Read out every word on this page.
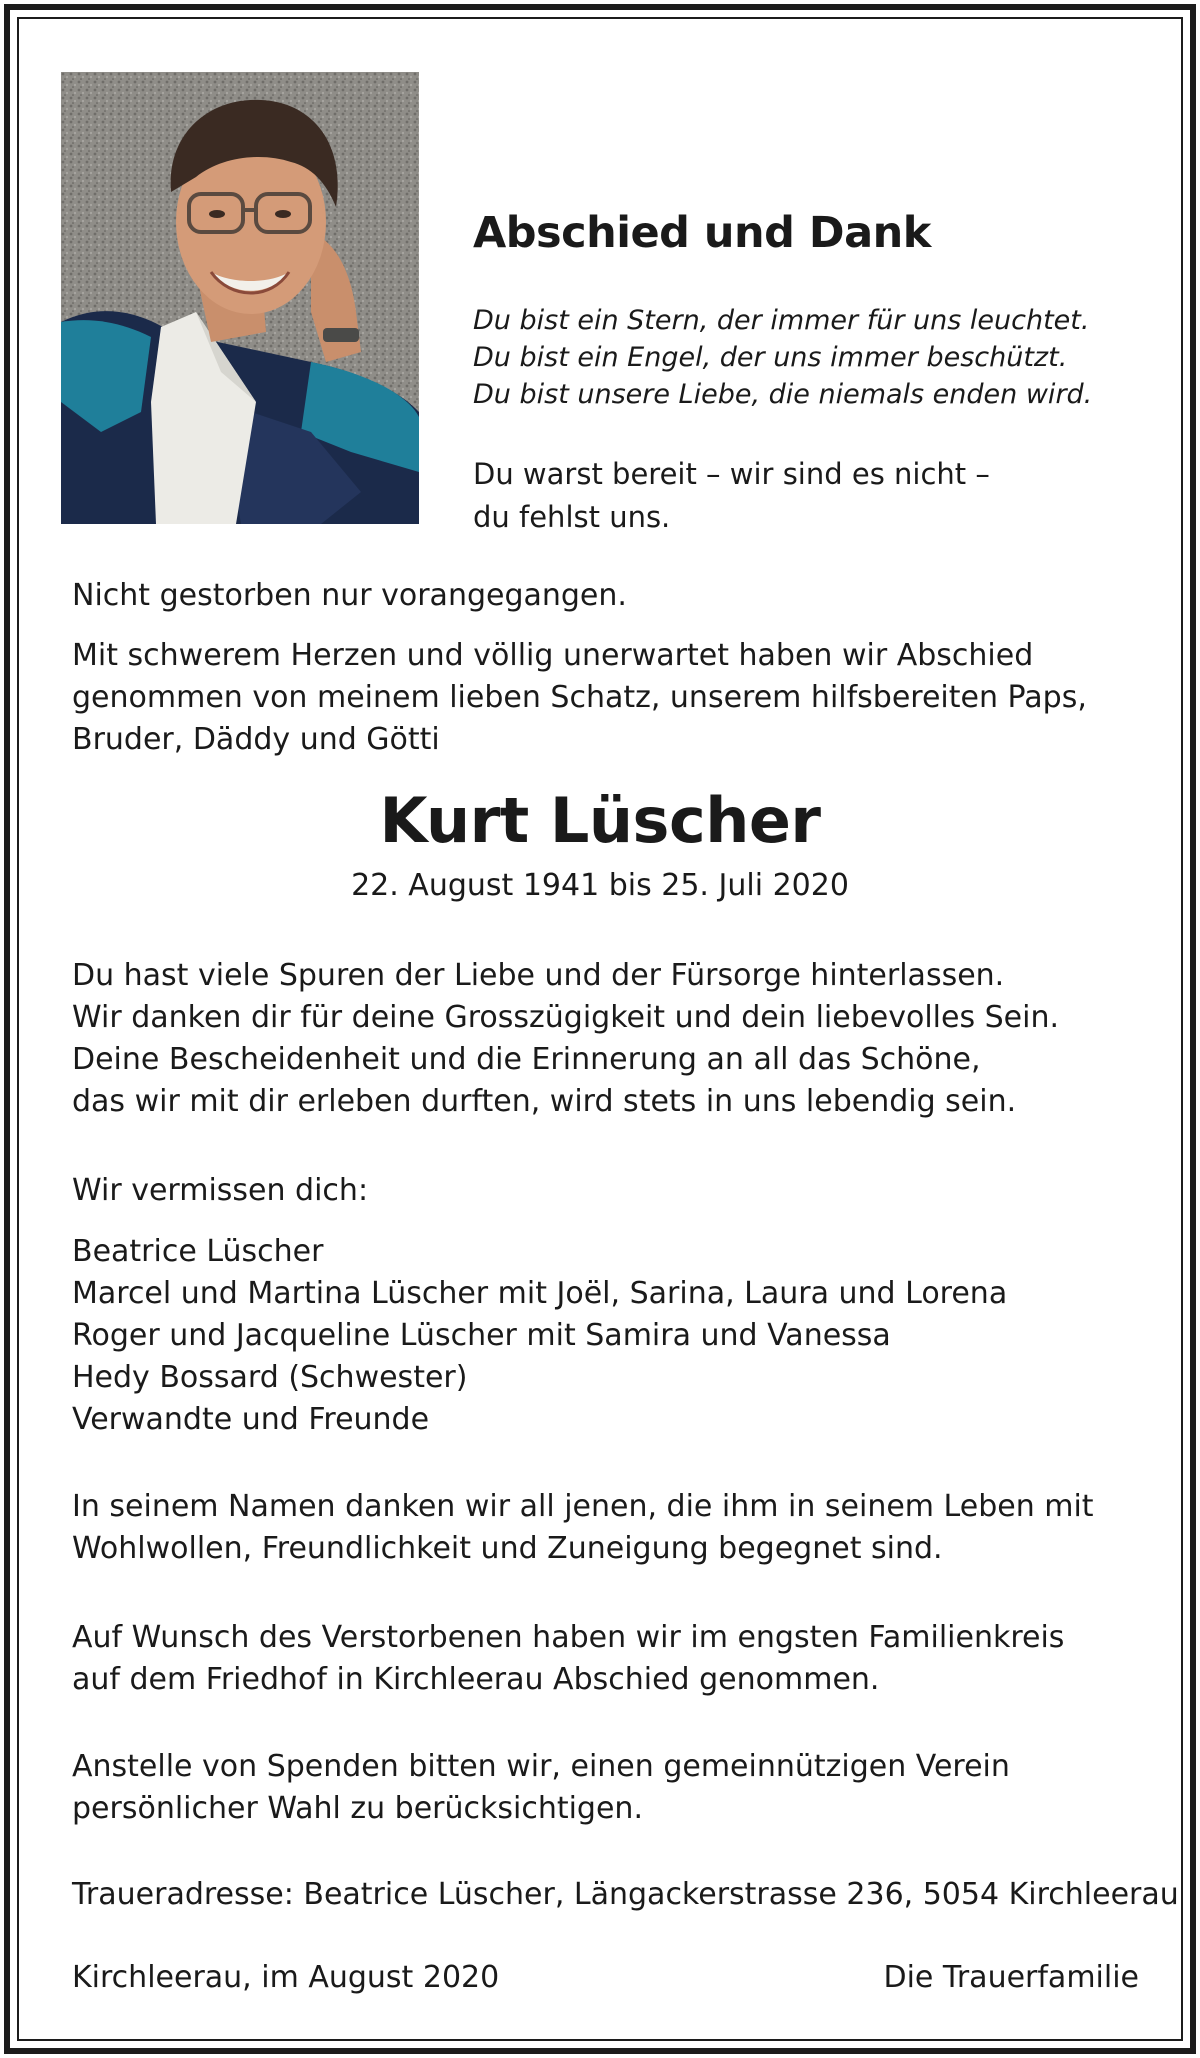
Abschied und Dank
Du bist ein Stern, der immer für uns leuchtet.
Du bist ein Engel, der uns immer beschützt.
Du bist unsere Liebe, die niemals enden wird.
Du warst bereit – wir sind es nicht –
du fehlst uns.
Nicht gestorben nur vorangegangen.
Mit schwerem Herzen und völlig unerwartet haben wir Abschied
genommen von meinem lieben Schatz, unserem hilfsbereiten Paps,
Bruder, Däddy und Götti
Kurt Lüscher
22. August 1941 bis 25. Juli 2020
Du hast viele Spuren der Liebe und der Fürsorge hinterlassen.
Wir danken dir für deine Grosszügigkeit und dein liebevolles Sein.
Deine Bescheidenheit und die Erinnerung an all das Schöne,
das wir mit dir erleben durften, wird stets in uns lebendig sein.
Wir vermissen dich:
Beatrice Lüscher
Marcel und Martina Lüscher mit Joël, Sarina, Laura und Lorena
Roger und Jacqueline Lüscher mit Samira und Vanessa
Hedy Bossard (Schwester)
Verwandte und Freunde
In seinem Namen danken wir all jenen, die ihm in seinem Leben mit
Wohlwollen, Freundlichkeit und Zuneigung begegnet sind.
Auf Wunsch des Verstorbenen haben wir im engsten Familienkreis
auf dem Friedhof in Kirchleerau Abschied genommen.
Anstelle von Spenden bitten wir, einen gemeinnützigen Verein
persönlicher Wahl zu berücksichtigen.
Traueradresse: Beatrice Lüscher, Längackerstrasse 236, 5054 Kirchleerau
Kirchleerau, im August 2020	Die Trauerfamilie
